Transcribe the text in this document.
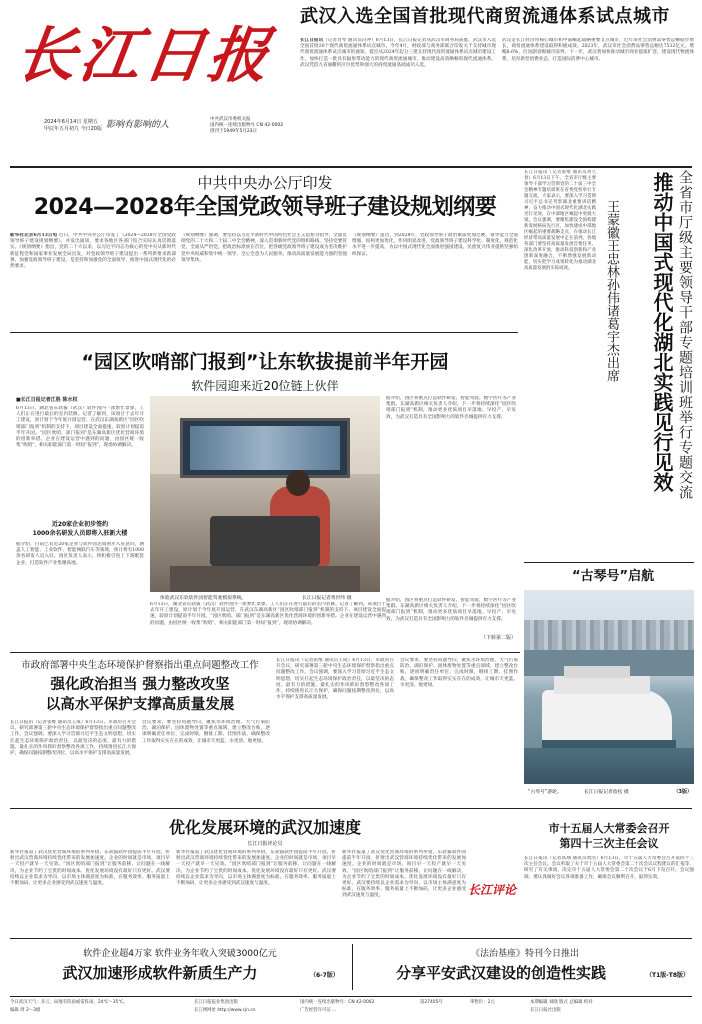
长江日报
2024年6月14日 星期五
甲辰年五月初九 今日20版 影响有影响的人
中共武汉市委机关报
国内统一连续出版物号 CN 42-0002
创刊于1949年5月23日
武汉入选全国首批现代商贸流通体系试点城市
长江日报讯（记者肖琴 通讯员冯冲）6月13日，长江日报记者从武汉市商务局获悉，武汉市入选全国首批20个现代商贸流通体系试点城市。今年4月，财政部与商务部联合印发关于支持城市现代商贸流通体系试点城市的通知，提出从2024年起分三批支持现代商贸流通体系试点城市建设工作，加快打造一批具有辐射带动能力的现代商贸流通城市，推动建设高效顺畅的现代流通体系。武汉凭借九省通衢的区位优势和强大的商贸流通基础成功入选。
武汉是长江经济带核心城市和中部崛起战略重要支点城市，近年来社会消费品零售总额稳步增长，商贸流通体系建设取得积极成效。2023年，武汉市社会消费品零售总额达7532亿元，增幅8.6%，位居副省级城市前列。下一步，武汉将加快推动城市商业提质扩容，建设现代物流体系，培育新型消费业态，打造国际消费中心城市。
中共中央办公厅印发
2024—2028年全国党政领导班子建设规划纲要
新华社北京6月13日电 近日，中共中央办公厅印发了《2024—2028年全国党政领导班子建设规划纲要》，并发出通知，要求各地区各部门结合实际认真贯彻落实。《规划纲要》指出，党的二十大以来，以习近平同志为核心的党中央从新时代新征程党和国家事业发展全局出发，对党政领导班子建设提出一系列新要求新部署。加强党政领导班子建设，是坚持和加强党的全面领导、推进中国式现代化的必然要求。
《规划纲要》强调，要坚持以习近平新时代中国特色社会主义思想为指导，全面贯彻党的二十大和二十届二中全会精神，深入贯彻新时代党的组织路线，坚持党要管党、全面从严治党，把政治标准放在首位，把各级党政领导班子建设成为坚决维护党中央权威和集中统一领导、全心全意为人民服务、推动高质量发展能力强的坚强领导集体。
《规划纲要》提出，到2028年，党政领导班子政治素质更加过硬，领导能力全面增强，结构更加优化，作风明显改进，党政领导班子建设科学化、制度化、规范化水平进一步提高，为以中国式现代化全面推进强国建设、民族复兴伟业提供坚强组织保证。	全省市厅级主要领导干部专题培训班举行专题交流
推动中国式现代化湖北实践见行见效
王蒙徽王忠林孙伟诸葛宇杰出席
长江日报讯（记者张维 通讯员黄久春）6月13日下午，全省市厅级主要领导干部学习贯彻党的二十届三中全会精神专题培训班在省委党校举行专题交流。大家表示，要深入学习贯彻习近平总书记考察湖北重要讲话精神，奋力推动中国式现代化湖北实践见行见效，在中部地区崛起中勇挑大梁。会议强调，要聚焦建设全国构建新发展格局先行区，加快建成中部地区崛起的重要战略支点，在推动长江经济带高质量发展中走在前列。各地各部门要坚持高质量发展首要任务，深化改革开放，推动科技创新和产业创新深度融合，不断增强发展新动能，切实把学习成果转化为推动湖北高质量发展的实际成效。
“园区吹哨部门报到”让东软拔提前半年开园
软件园迎来近20位链上伙伴
■长江日报记者江胜 陈水权
6月13日，湖北省东软拔（武汉）软件园内一派繁忙景象，工人们正在进行最后的室内装修。记者了解到，该项目于去年开工建设，原计划于今年底开园运营，在武汉东湖高新区“园区吹哨部门报到”机制的支持下，项目建设全面提速，较原计划提前半年开园。“园区吹哨、部门报到”是东湖高新区优化营商环境的创新举措。企业在建设运营中遇到的问题，由园区统一收集“吹哨”，相关职能部门第一时间“报到”，现场协调解决。
近20家企业初步签约
1000余名研发人员即将入驻新大楼
据介绍，目前已有近20家企业与软件园达成初步入驻意向，涵盖人工智能、工业软件、智能网联汽车等领域，预计将有1000余名研发人员入驻。园区负责人表示，将积极引进上下游配套企业，打造软件产业集聚高地。
体验武汉东软软件园智能驾驶模拟系统。	长江日报记者黄世纬 摄
据介绍，园区将重点打造软件研发、智能驾驶、数字医疗等产业集群。东湖高新区相关负责人介绍，下一步将持续深化“园区吹哨部门报到”机制，推动更多优质项目早落地、早投产、早见效，为武汉打造具有全国影响力的软件名城提供有力支撑。
6月13日，湖北省东软拔（武汉）软件园内一派繁忙景象，工人们正在进行最后的室内装修。记者了解到，该项目于去年开工建设，原计划于今年底开园运营，在武汉东湖高新区“园区吹哨部门报到”机制的支持下，项目建设全面提速，较原计划提前半年开园。“园区吹哨、部门报到”是东湖高新区优化营商环境的创新举措。企业在建设运营中遇到的问题，由园区统一收集“吹哨”，相关职能部门第一时间“报到”，现场协调解决。
据介绍，园区将重点打造软件研发、智能驾驶、数字医疗等产业集群。东湖高新区相关负责人介绍，下一步将持续深化“园区吹哨部门报到”机制，推动更多优质项目早落地、早投产、早见效，为武汉打造具有全国影响力的软件名城提供有力支撑。
（下转第二版）
“古琴号”启航
“古琴号”游轮。	长江日报记者詹松 摄	（3版）
市政府部署中央生态环境保护督察指出重点问题整改工作
强化政治担当 强力整改攻坚
以高水平保护支撑高质量发展
长江日报讯（记者张维 通讯员王成）6月13日，市政府召开会议，研究部署第三轮中央生态环境保护督察指出重点问题整改工作。会议强调，要深入学习贯彻习近平生态文明思想，切实扛起生态环境保护政治责任，以最坚决的态度、最有力的措施、最扎实的作风抓好督察整改各项工作，持续推进长江大保护，确保问题按期整改到位，以高水平保护支撑高质量发展。
会议要求，要坚持问题导向，聚焦水环境治理、大气污染防治、湖泊保护、固体废物处置等重点领域，建立整改台账，逐项明确责任单位、完成时限，倒排工期、挂图作战，确保整改工作取得实实在在的成效，让城市天更蓝、水更清、地更绿。
长江日报讯（记者张维 通讯员王成）6月13日，市政府召开会议，研究部署第三轮中央生态环境保护督察指出重点问题整改工作。会议强调，要深入学习贯彻习近平生态文明思想，切实扛起生态环境保护政治责任，以最坚决的态度、最有力的措施、最扎实的作风抓好督察整改各项工作，持续推进长江大保护，确保问题按期整改到位，以高水平保护支撑高质量发展。
会议要求，要坚持问题导向，聚焦水环境治理、大气污染防治、湖泊保护、固体废物处置等重点领域，建立整改台账，逐项明确责任单位、完成时限，倒排工期、挂图作战，确保整改工作取得实实在在的成效，让城市天更蓝、水更清、地更绿。
优化发展环境的武汉加速度
长江日报评论员
新华社报道了武汉优化营商环境的系列举措。东软拔软件园提前半年开园，折射出武汉营商环境持续优化带来的发展加速度。企业的时间就是市场，项目早一天投产就早一天见效。“园区吹哨部门报到”让服务前移，让问题在一线解决，为企业节约了宝贵的时间成本。优化发展环境没有最好只有更好。武汉要持续以企业需求为导向，以市场主体满意度为标准，在服务效率、服务质量上不断加码，让更多企业感受到武汉速度与温度。
新华社报道了武汉优化营商环境的系列举措。东软拔软件园提前半年开园，折射出武汉营商环境持续优化带来的发展加速度。企业的时间就是市场，项目早一天投产就早一天见效。“园区吹哨部门报到”让服务前移，让问题在一线解决，为企业节约了宝贵的时间成本。优化发展环境没有最好只有更好。武汉要持续以企业需求为导向，以市场主体满意度为标准，在服务效率、服务质量上不断加码，让更多企业感受到武汉速度与温度。
新华社报道了武汉优化营商环境的系列举措。东软拔软件园提前半年开园，折射出武汉营商环境持续优化带来的发展加速度。企业的时间就是市场，项目早一天投产就早一天见效。“园区吹哨部门报到”让服务前移，让问题在一线解决，为企业节约了宝贵的时间成本。优化发展环境没有最好只有更好。武汉要持续以企业需求为导向，以市场主体满意度为标准，在服务效率、服务质量上不断加码，让更多企业感受到武汉速度与温度。	长江评论
市十五届人大常委会召开
第四十三次主任会议
长江日报讯（记者高翔 通讯员黄浩）6月13日，市十五届人大常委会召开第四十三次主任会议。会议听取了关于市十五届人大常委会第二十次会议议程建议的汇报等，研究了有关事项，决定市十五届人大常委会第二十次会议于6月下旬召开。会议强调，要认真做好会议各项准备工作，确保会议顺利召开，取得实效。
软件企业超4万家 软件业务年收入突破3000亿元
武汉加速形成软件新质生产力	（6-7版）
《法治基座》特刊今日推出
分享平安武汉建设的创造性实践	（T1版-T8版）
今日武汉天气：多云，局地有阵雨或雷阵雨，24℃～35℃。
编辑 周 2～3级
长江日报报业集团出版
长江网网址 http://www.cjn.cn
国内统一连续出版物号：CN 42-0002
广告经营许可证 ...
第27405号	零售价：2元	本期编辑 刘晓 版式 总编辑 校对
长江日报社出版
